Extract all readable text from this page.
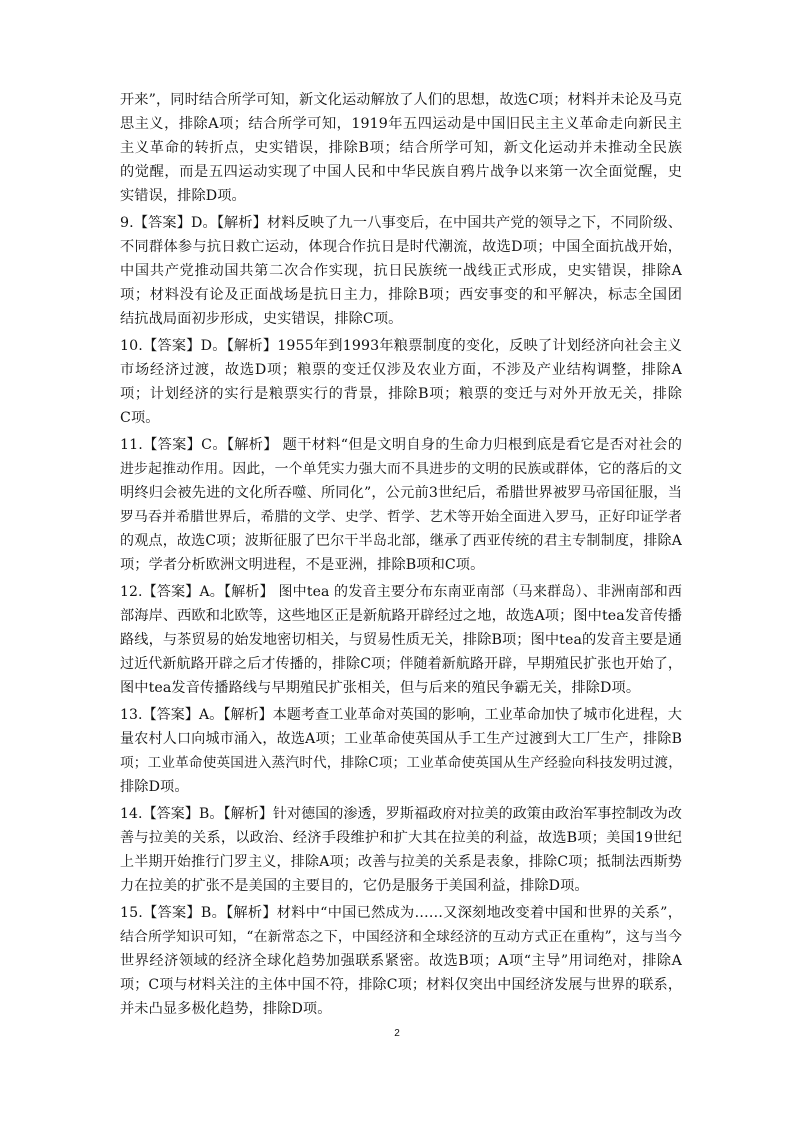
开来”，同时结合所学可知，新文化运动解放了人们的思想，故选C项；材料并未论及马克
思主义，排除A项；结合所学可知，1919年五四运动是中国旧民主主义革命走向新民主
主义革命的转折点，史实错误，排除B项；结合所学可知，新文化运动并未推动全民族
的觉醒，而是五四运动实现了中国人民和中华民族自鸦片战争以来第一次全面觉醒，史
实错误，排除D项。

9.【答案】D。【解析】材料反映了九一八事变后，在中国共产党的领导之下，不同阶级、
不同群体参与抗日救亡运动，体现合作抗日是时代潮流，故选D项；中国全面抗战开始，
中国共产党推动国共第二次合作实现，抗日民族统一战线正式形成，史实错误，排除A
项；材料没有论及正面战场是抗日主力，排除B项；西安事变的和平解决，标志全国团
结抗战局面初步形成，史实错误，排除C项。

10.【答案】D。【解析】1955年到1993年粮票制度的变化，反映了计划经济向社会主义
市场经济过渡，故选D项；粮票的变迁仅涉及农业方面，不涉及产业结构调整，排除A
项；计划经济的实行是粮票实行的背景，排除B项；粮票的变迁与对外开放无关，排除
C项。

11.【答案】C。【解析】 题干材料“但是文明自身的生命力归根到底是看它是否对社会的
进步起推动作用。因此，一个单凭实力强大而不具进步的文明的民族或群体，它的落后的文
明终归会被先进的文化所吞噬、所同化”，公元前3世纪后，希腊世界被罗马帝国征服，当
罗马吞并希腊世界后，希腊的文学、史学、哲学、艺术等开始全面进入罗马，正好印证学者
的观点，故选C项；波斯征服了巴尔干半岛北部，继承了西亚传统的君主专制制度，排除A
项；学者分析欧洲文明进程，不是亚洲，排除B项和C项。

12.【答案】A。【解析】 图中tea 的发音主要分布东南亚南部（马来群岛）、非洲南部和西
部海岸、西欧和北欧等，这些地区正是新航路开辟经过之地，故选A项；图中tea发音传播
路线，与茶贸易的始发地密切相关，与贸易性质无关，排除B项；图中tea的发音主要是通
过近代新航路开辟之后才传播的，排除C项；伴随着新航路开辟，早期殖民扩张也开始了，
图中tea发音传播路线与早期殖民扩张相关，但与后来的殖民争霸无关，排除D项。

13.【答案】A。【解析】本题考查工业革命对英国的影响，工业革命加快了城市化进程，大
量农村人口向城市涌入，故选A项；工业革命使英国从手工生产过渡到大工厂生产，排除B
项；工业革命使英国进入蒸汽时代，排除C项；工业革命使英国从生产经验向科技发明过渡，
排除D项。

14.【答案】B。【解析】针对德国的渗透，罗斯福政府对拉美的政策由政治军事控制改为改
善与拉美的关系，以政治、经济手段维护和扩大其在拉美的利益，故选B项；美国19世纪
上半期开始推行门罗主义，排除A项；改善与拉美的关系是表象，排除C项；抵制法西斯势
力在拉美的扩张不是美国的主要目的，它仍是服务于美国利益，排除D项。

15.【答案】B。【解析】材料中“中国已然成为……又深刻地改变着中国和世界的关系”，
结合所学知识可知，“在新常态之下，中国经济和全球经济的互动方式正在重构”，这与当今
世界经济领域的经济全球化趋势加强联系紧密。故选B项；A项“主导”用词绝对，排除A
项；C项与材料关注的主体中国不符，排除C项；材料仅突出中国经济发展与世界的联系，
并未凸显多极化趋势，排除D项。

2
